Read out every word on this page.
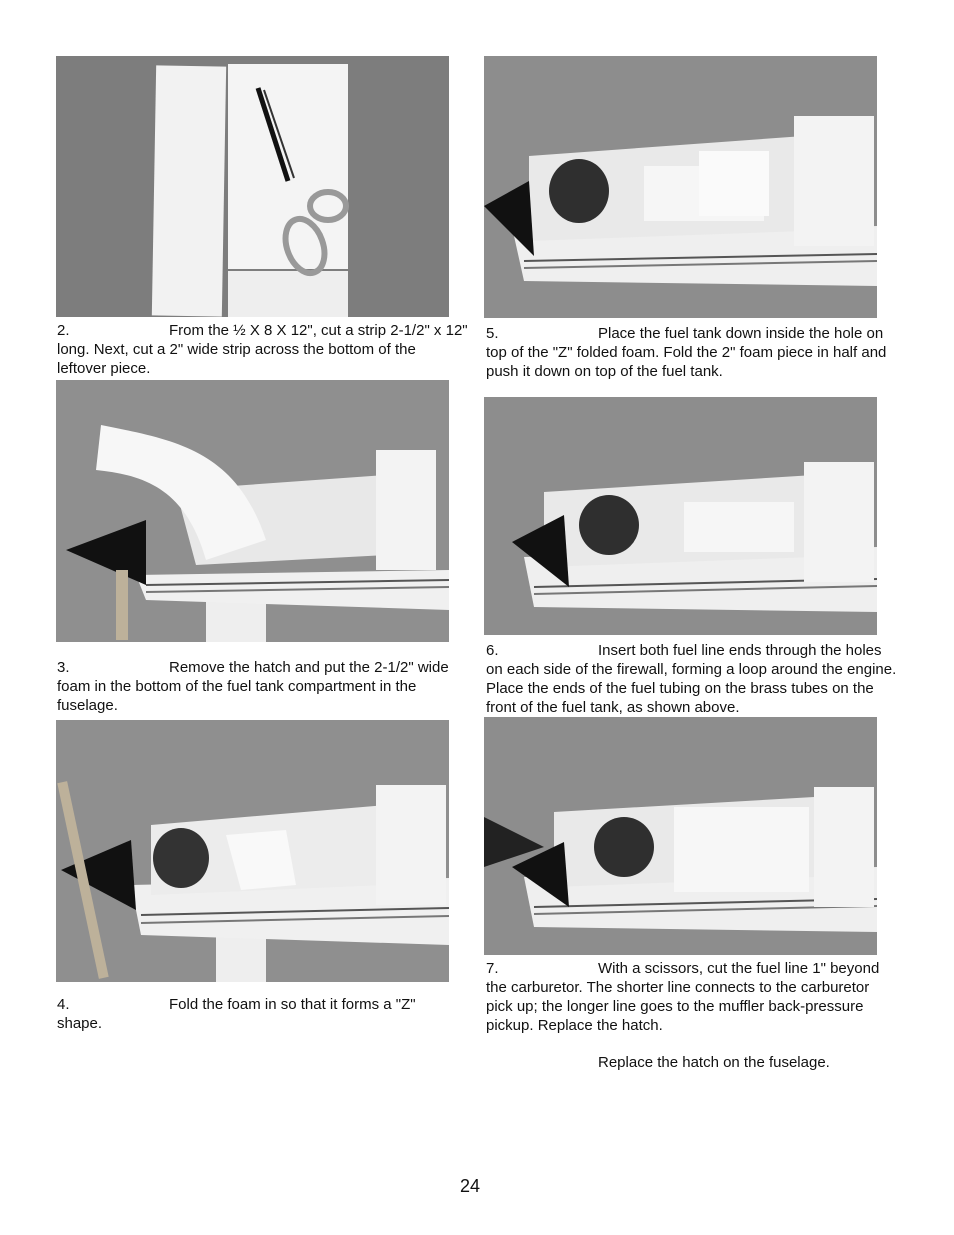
2.	From the ½ X 8 X 12", cut a strip 2-1/2" x 12" long. Next, cut a 2" wide strip across the bottom of the leftover piece.
3.	Remove the hatch and put the 2-1/2" wide foam in the bottom of the fuel tank compartment in the fuselage.
4.	Fold the foam in so that it forms a "Z" shape.
5.	Place the fuel tank down inside the hole on top of the "Z" folded foam. Fold the 2" foam piece in half and push it down on top of the fuel tank.
6.	Insert both fuel line ends through the holes on each side of the firewall, forming a loop around the engine. Place the ends of the fuel tubing on the brass tubes on the front of the fuel tank, as shown above.
7.	With a scissors, cut the fuel line 1" beyond the carburetor. The shorter line connects to the carburetor pick up; the longer line goes to the muffler back-pressure pickup. Replace the hatch.
Replace the hatch on the fuselage.
24
